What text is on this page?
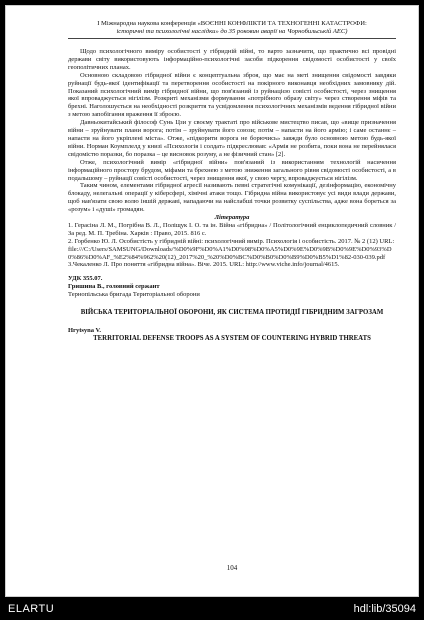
І Міжнародна наукова конференція «ВОЄННІ КОНФЛІКТИ ТА ТЕХНОГЕННІ КАТАСТРОФИ:
історичні та психологічні наслідки» до 35 роковин аварії на Чорнобильській АЕС)

Щодо психологічного виміру особистості у гібридній війні, то варто зазначити, що практично всі провідні держави світу використовують інформаційно-психологічні засоби підкорення свідомості особистості у своїх геополітичних планах.

Основною складовою гібридної війни є концептуальна зброя, що має на меті знищення свідомості завдяки руйнації будь-якої ідентифікації та перетворення особистості на покірного виконавця необхідних замовнику дій. Показаний психологічний вимір гібридної війни, що пов'язаний із руйнацією совісті особистості, через знищення якої впроваджується нігілізм. Розкриті механізми формування «потрібного образу світу» через створення міфів та брехні. Наголошується на необхідності розкриття та усвідомлення психологічних механізмів ведення гібридної війни з метою запобігання враження її зброєю.

Давньокитайський філософ Сунь Цзи у своєму трактаті про військове мистецтво писав, що «вище призначення війни – зруйнувати плани ворога; потім – зруйнувати його союзи; потім – напасти на його армію; і саме останнє – напасти на його укріплені міста». Отже, «підкорити ворога не борючись» завжди було основною метою будь-якої війни. Норман Коумплелд у книзі «Психологія і солдат» підкреслював: «Армія не розбита, поки вона не перейнялася свідомістю поразки, бо поразка – це висновок розуму, а не фізичний стан» [2].

Отже, психологічний вимір «гібридної війни» пов'язаний із використанням технологій насичення інформаційного простору брудом, міфами та брехнею з метою зниження загального рівня свідомості особистості, а в подальшому – руйнації совісті особистості, через знищення якої, у свою чергу, впроваджується нігілізм.

Таким чином, елементами гібридної агресії називають певні стратегічні комунікації, дезінформацію, економічну блокаду, нелегальні операції у кіберсфері, хімічні атаки тощо. Гібридна війна використовує усі види влади держави, щоб нав'язати свою волю іншій державі, нападаючи на найслабші точки розвитку суспільства, адже вона бореться за «розум» і «душі» громадян.

Література

1. Герасіна Л. М., Погрібна В. Л., Поліщук І. О. та ін. Війна «гібридна» / Політологічний енциклопедичний словник / За ред. М. П. Требіна. Харків : Право, 2015. 816 с.

2. Горбенко Ю. Л. Особистість у гібридній війні: психологічний вимір. Психологія і особистість. 2017. № 2 (12) URL: file:///C:/Users/SAMSUNG/Downloads/%D0%9F%D0%A1%D0%98%D0%A5%D0%9E%D0%9B%D0%9E%D0%93%D0%86%D0%AF_%E2%84%962%20(12)_2017%20_%20%D0%BC%D0%B0%D0%B9%D0%B5%D1%82-030-039.pdf

3.Чекаленко Л. Про поняття «гібридна війна». Віче. 2015. URL: http://www.viche.info/journal/4615.

УДК 355.07.

Гришина В., головний сержант

Тернопільська бригада Територіальної оборони

ВІЙСЬКА ТЕРИТОРІАЛЬНОЇ ОБОРОНИ, ЯК СИСТЕМА ПРОТИДІЇ ГІБРИДНИМ ЗАГРОЗАМ

Hrytsyna V.

TERRITORIAL DEFENSE TROOPS AS A SYSTEM OF COUNTERING HYBRID THREATS

104
ELARTU	hdl:lib/35094
